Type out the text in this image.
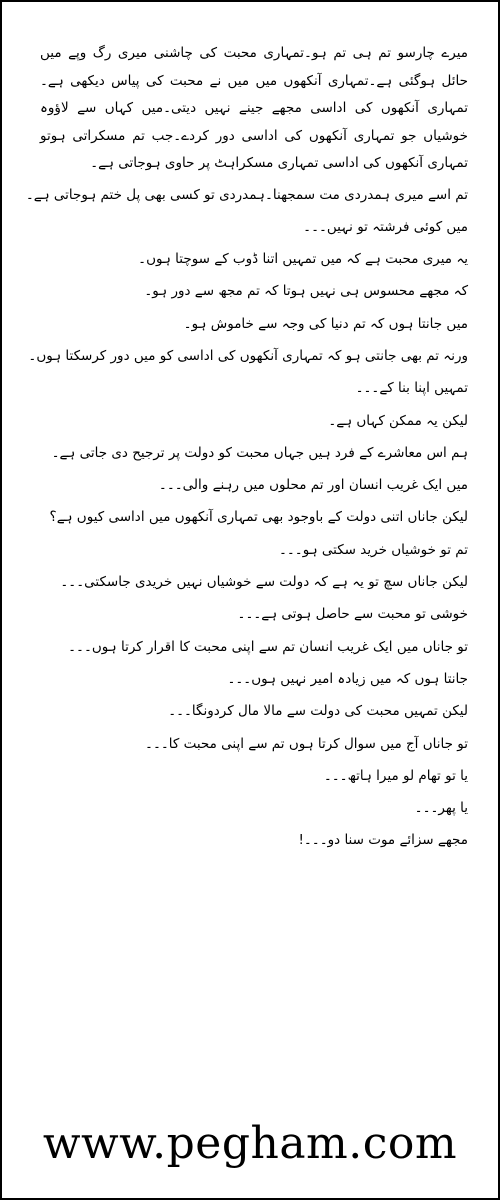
میرے چارسو تم ہی تم ہو۔تمہاری محبت کی چاشنی میری رگ وپے میں حائل ہوگئی ہے۔تمہاری آنکھوں میں میں نے محبت کی پیاس دیکھی ہے۔تمہاری آنکھوں کی اداسی مجھے جینے نہیں دیتی۔میں کہاں سے لاؤوہ خوشیاں جو تمہاری آنکھوں کی اداسی دور کردے۔جب تم مسکراتی ہوتو تمہاری آنکھوں کی اداسی تمہاری مسکراہٹ پر حاوی ہوجاتی ہے۔

تم اسے میری ہمدردی مت سمجھنا۔ہمدردی تو کسی بھی پل ختم ہوجاتی ہے۔
میں کوئی فرشتہ تو نہیں۔۔۔
یہ میری محبت ہے کہ میں تمہیں اتنا ڈوب کے سوچتا ہوں۔
کہ مجھے محسوس ہی نہیں ہوتا کہ تم مجھ سے دور ہو۔
میں جانتا ہوں کہ تم دنیا کی وجہ سے خاموش ہو۔
ورنہ تم بھی جانتی ہو کہ تمہاری آنکھوں کی اداسی کو میں دور کرسکتا ہوں۔
تمہیں اپنا بنا کے۔۔۔
لیکن یہ ممکن کہاں ہے۔
ہم اس معاشرے کے فرد ہیں جہاں محبت کو دولت پر ترجیح دی جاتی ہے۔
میں ایک غریب انسان اور تم محلوں میں رہنے والی۔۔۔
لیکن جاناں اتنی دولت کے باوجود بھی تمہاری آنکھوں میں اداسی کیوں ہے؟
تم تو خوشیاں خرید سکتی ہو۔۔۔
لیکن جاناں سچ تو یہ ہے کہ دولت سے خوشیاں نہیں خریدی جاسکتی۔۔۔
خوشی تو محبت سے حاصل ہوتی ہے۔۔۔
تو جاناں میں ایک غریب انسان تم سے اپنی محبت کا اقرار کرتا ہوں۔۔۔
جانتا ہوں کہ میں زیادہ امیر نہیں ہوں۔۔۔
لیکن تمہیں محبت کی دولت سے مالا مال کردونگا۔۔۔
تو جاناں آج میں سوال کرتا ہوں تم سے اپنی محبت کا۔۔۔
یا تو تھام لو میرا ہاتھ۔۔۔
یا پھر۔۔۔
مجھے سزائے موت سنا دو۔۔۔!
www.pegham.com
